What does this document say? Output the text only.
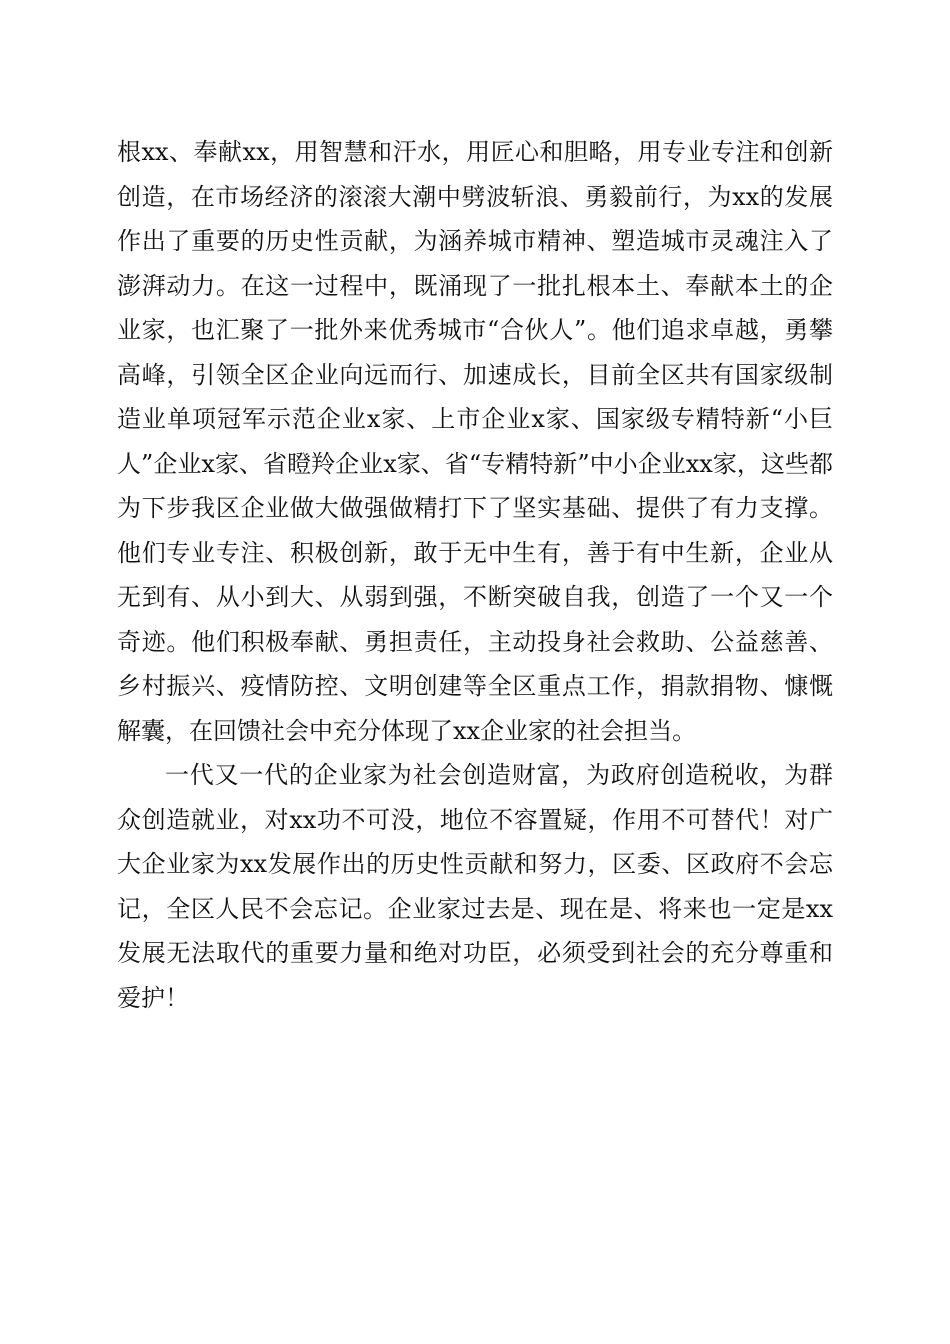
根xx、奉献xx，用智慧和汗水，用匠心和胆略，用专业专注和创新创造，在市场经济的滚滚大潮中劈波斩浪、勇毅前行，为xx的发展作出了重要的历史性贡献，为涵养城市精神、塑造城市灵魂注入了澎湃动力。在这一过程中，既涌现了一批扎根本土、奉献本土的企业家，也汇聚了一批外来优秀城市“合伙人”。他们追求卓越，勇攀高峰，引领全区企业向远而行、加速成长，目前全区共有国家级制造业单项冠军示范企业x家、上市企业x家、国家级专精特新“小巨人”企业x家、省瞪羚企业x家、省“专精特新”中小企业xx家，这些都为下步我区企业做大做强做精打下了坚实基础、提供了有力支撑。他们专业专注、积极创新，敢于无中生有，善于有中生新，企业从无到有、从小到大、从弱到强，不断突破自我，创造了一个又一个奇迹。他们积极奉献、勇担责任，主动投身社会救助、公益慈善、乡村振兴、疫情防控、文明创建等全区重点工作，捐款捐物、慷慨解囊，在回馈社会中充分体现了xx企业家的社会担当。

一代又一代的企业家为社会创造财富，为政府创造税收，为群众创造就业，对xx功不可没，地位不容置疑，作用不可替代！对广大企业家为xx发展作出的历史性贡献和努力，区委、区政府不会忘记，全区人民不会忘记。企业家过去是、现在是、将来也一定是xx发展无法取代的重要力量和绝对功臣，必须受到社会的充分尊重和爱护！
